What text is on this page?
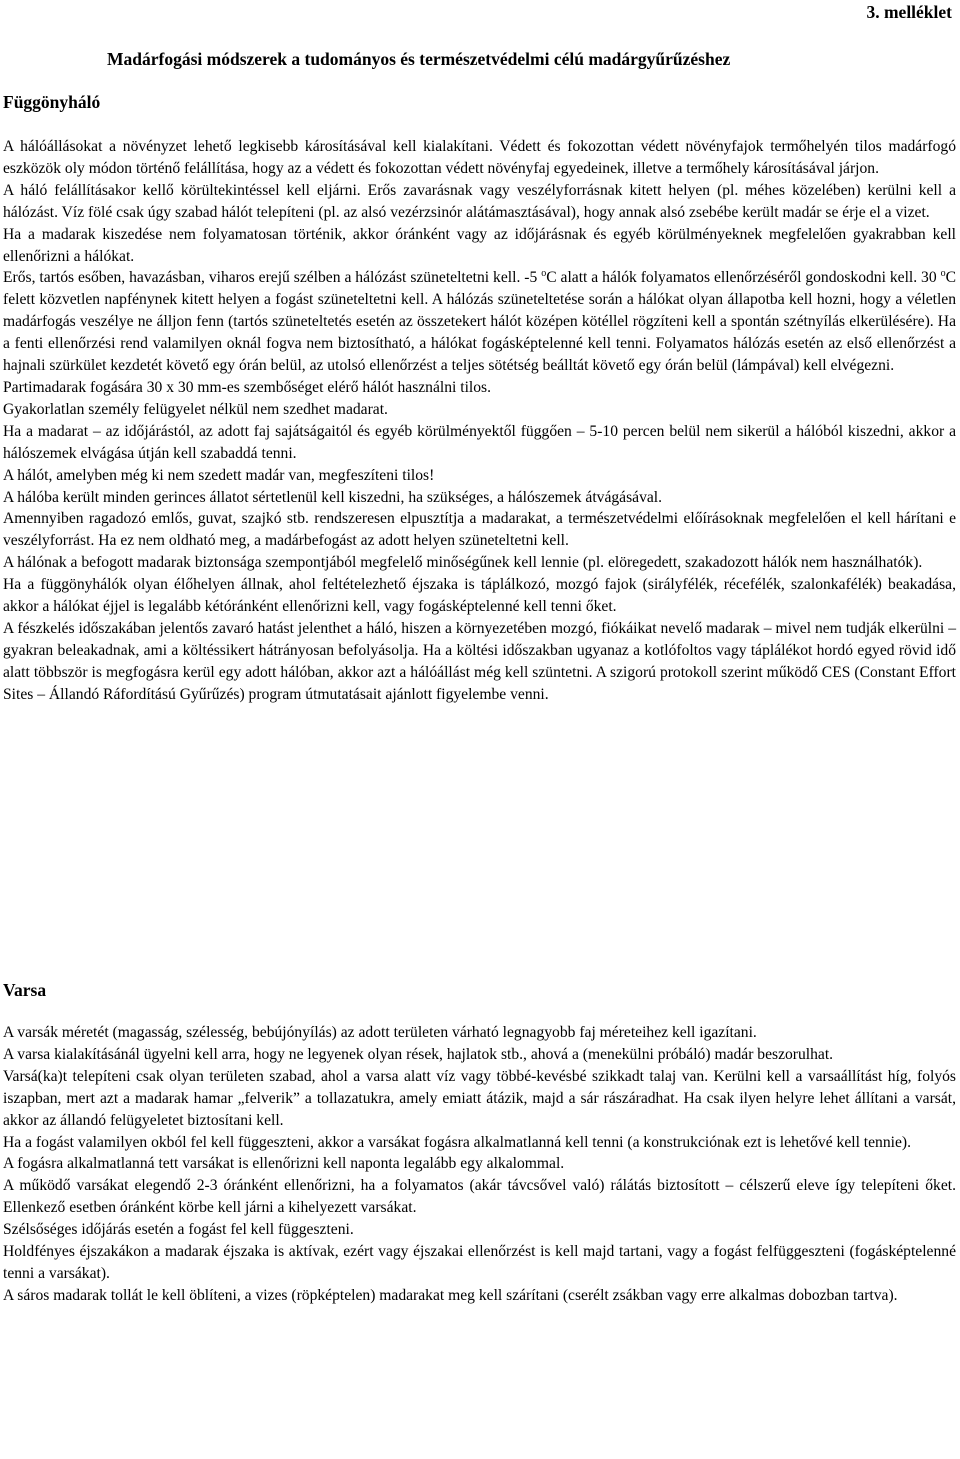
3. melléklet
Madárfogási módszerek a tudományos és természetvédelmi célú madárgyűrűzéshez
Függönyháló

A hálóállásokat a növényzet lehető legkisebb károsításával kell kialakítani. Védett és fokozottan védett növényfajok termőhelyén tilos madárfogó eszközök oly módon történő felállítása, hogy az a védett és fokozottan védett növényfaj egyedeinek, illetve a termőhely károsításával járjon.

A háló felállításakor kellő körültekintéssel kell eljárni. Erős zavarásnak vagy veszélyforrásnak kitett helyen (pl. méhes közelében) kerülni kell a hálózást. Víz fölé csak úgy szabad hálót telepíteni (pl. az alsó vezérzsinór alátámasztásával), hogy annak alsó zsebébe került madár se érje el a vizet.

Ha a madarak kiszedése nem folyamatosan történik, akkor óránként vagy az időjárásnak és egyéb körülményeknek megfelelően gyakrabban kell ellenőrizni a hálókat.

Erős, tartós esőben, havazásban, viharos erejű szélben a hálózást szüneteltetni kell. -5 $^o$C alatt a hálók folyamatos ellenőrzéséről gondoskodni kell. 30 $^o$C felett közvetlen napfénynek kitett helyen a fogást szüneteltetni kell. A hálózás szüneteltetése során a hálókat olyan állapotba kell hozni, hogy a véletlen madárfogás veszélye ne álljon fenn (tartós szüneteltetés esetén az összetekert hálót középen kötéllel rögzíteni kell a spontán szétnyílás elkerülésére). Ha a fenti ellenőrzési rend valamilyen oknál fogva nem biztosítható, a hálókat fogásképtelenné kell tenni. Folyamatos hálózás esetén az első ellenőrzést a hajnali szürkület kezdetét követő egy órán belül, az utolsó ellenőrzést a teljes sötétség beálltát követő egy órán belül (lámpával) kell elvégezni.

Partimadarak fogására 30 x 30 mm-es szembőséget elérő hálót használni tilos.

Gyakorlatlan személy felügyelet nélkül nem szedhet madarat.

Ha a madarat – az időjárástól, az adott faj sajátságaitól és egyéb körülményektől függően – 5-10 percen belül nem sikerül a hálóból kiszedni, akkor a hálószemek elvágása útján kell szabaddá tenni.

A hálót, amelyben még ki nem szedett madár van, megfeszíteni tilos!

A hálóba került minden gerinces állatot sértetlenül kell kiszedni, ha szükséges, a hálószemek átvágásával.

Amennyiben ragadozó emlős, guvat, szajkó stb. rendszeresen elpusztítja a madarakat, a természetvédelmi előírásoknak megfelelően el kell hárítani e veszélyforrást. Ha ez nem oldható meg, a madárbefogást az adott helyen szüneteltetni kell.

A hálónak a befogott madarak biztonsága szempontjából megfelelő minőségűnek kell lennie (pl. elöregedett, szakadozott hálók nem használhatók).

Ha a függönyhálók olyan élőhelyen állnak, ahol feltételezhető éjszaka is táplálkozó, mozgó fajok (sirályfélék, récefélék, szalonkafélék) beakadása, akkor a hálókat éjjel is legalább kétóránként ellenőrizni kell, vagy fogásképtelenné kell tenni őket.

A fészkelés időszakában jelentős zavaró hatást jelenthet a háló, hiszen a környezetében mozgó, fiókáikat nevelő madarak – mivel nem tudják elkerülni – gyakran beleakadnak, ami a költéssikert hátrányosan befolyásolja. Ha a költési időszakban ugyanaz a kotlófoltos vagy táplálékot hordó egyed rövid idő alatt többször is megfogásra kerül egy adott hálóban, akkor azt a hálóállást még kell szüntetni. A szigorú protokoll szerint működő CES (Constant Effort Sites – Állandó Ráfordítású Gyűrűzés) program útmutatásait ajánlott figyelembe venni.

Varsa

A varsák méretét (magasság, szélesség, bebújónyílás) az adott területen várható legnagyobb faj méreteihez kell igazítani.

A varsa kialakításánál ügyelni kell arra, hogy ne legyenek olyan rések, hajlatok stb., ahová a (menekülni próbáló) madár beszorulhat.

Varsá(ka)t telepíteni csak olyan területen szabad, ahol a varsa alatt víz vagy többé-kevésbé szikkadt talaj van. Kerülni kell a varsaállítást híg, folyós iszapban, mert azt a madarak hamar „felverik” a tollazatukra, amely emiatt átázik, majd a sár rászáradhat. Ha csak ilyen helyre lehet állítani a varsát, akkor az állandó felügyeletet biztosítani kell.

Ha a fogást valamilyen okból fel kell függeszteni, akkor a varsákat fogásra alkalmatlanná kell tenni (a konstrukciónak ezt is lehetővé kell tennie).

A fogásra alkalmatlanná tett varsákat is ellenőrizni kell naponta legalább egy alkalommal.

A működő varsákat elegendő 2-3 óránként ellenőrizni, ha a folyamatos (akár távcsővel való) rálátás biztosított – célszerű eleve így telepíteni őket. Ellenkező esetben óránként körbe kell járni a kihelyezett varsákat.

Szélsőséges időjárás esetén a fogást fel kell függeszteni.

Holdfényes éjszakákon a madarak éjszaka is aktívak, ezért vagy éjszakai ellenőrzést is kell majd tartani, vagy a fogást felfüggeszteni (fogásképtelenné tenni a varsákat).

A sáros madarak tollát le kell öblíteni, a vizes (röpképtelen) madarakat meg kell szárítani (cserélt zsákban vagy erre alkalmas dobozban tartva).
